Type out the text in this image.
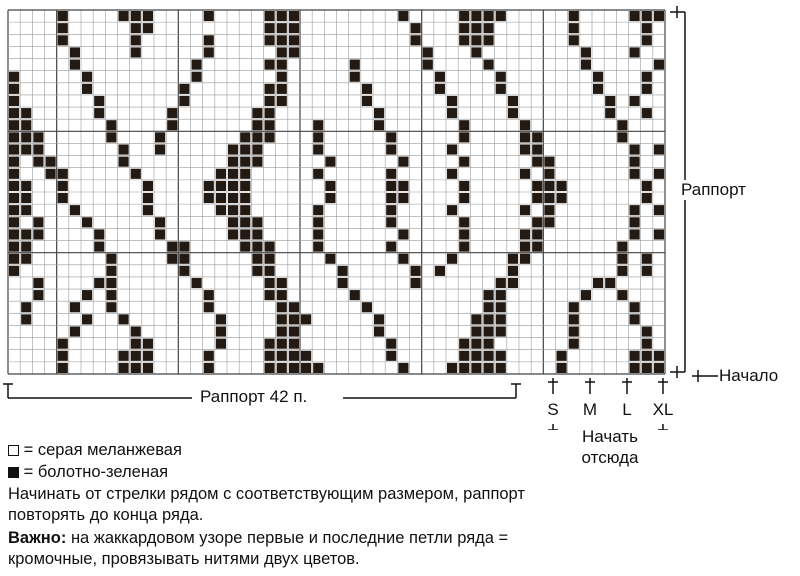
Раппорт
Начало
Раппорт 42 п.
S	M	L	XL
Начать отсюда
= серая меланжевая
= болотно-зеленая
Начинать от стрелки рядом с соответствующим размером, раппорт повторять до конца ряда.
Важно: на жаккардовом узоре первые и последние петли ряда = кромочные, провязывать нитями двух цветов.
